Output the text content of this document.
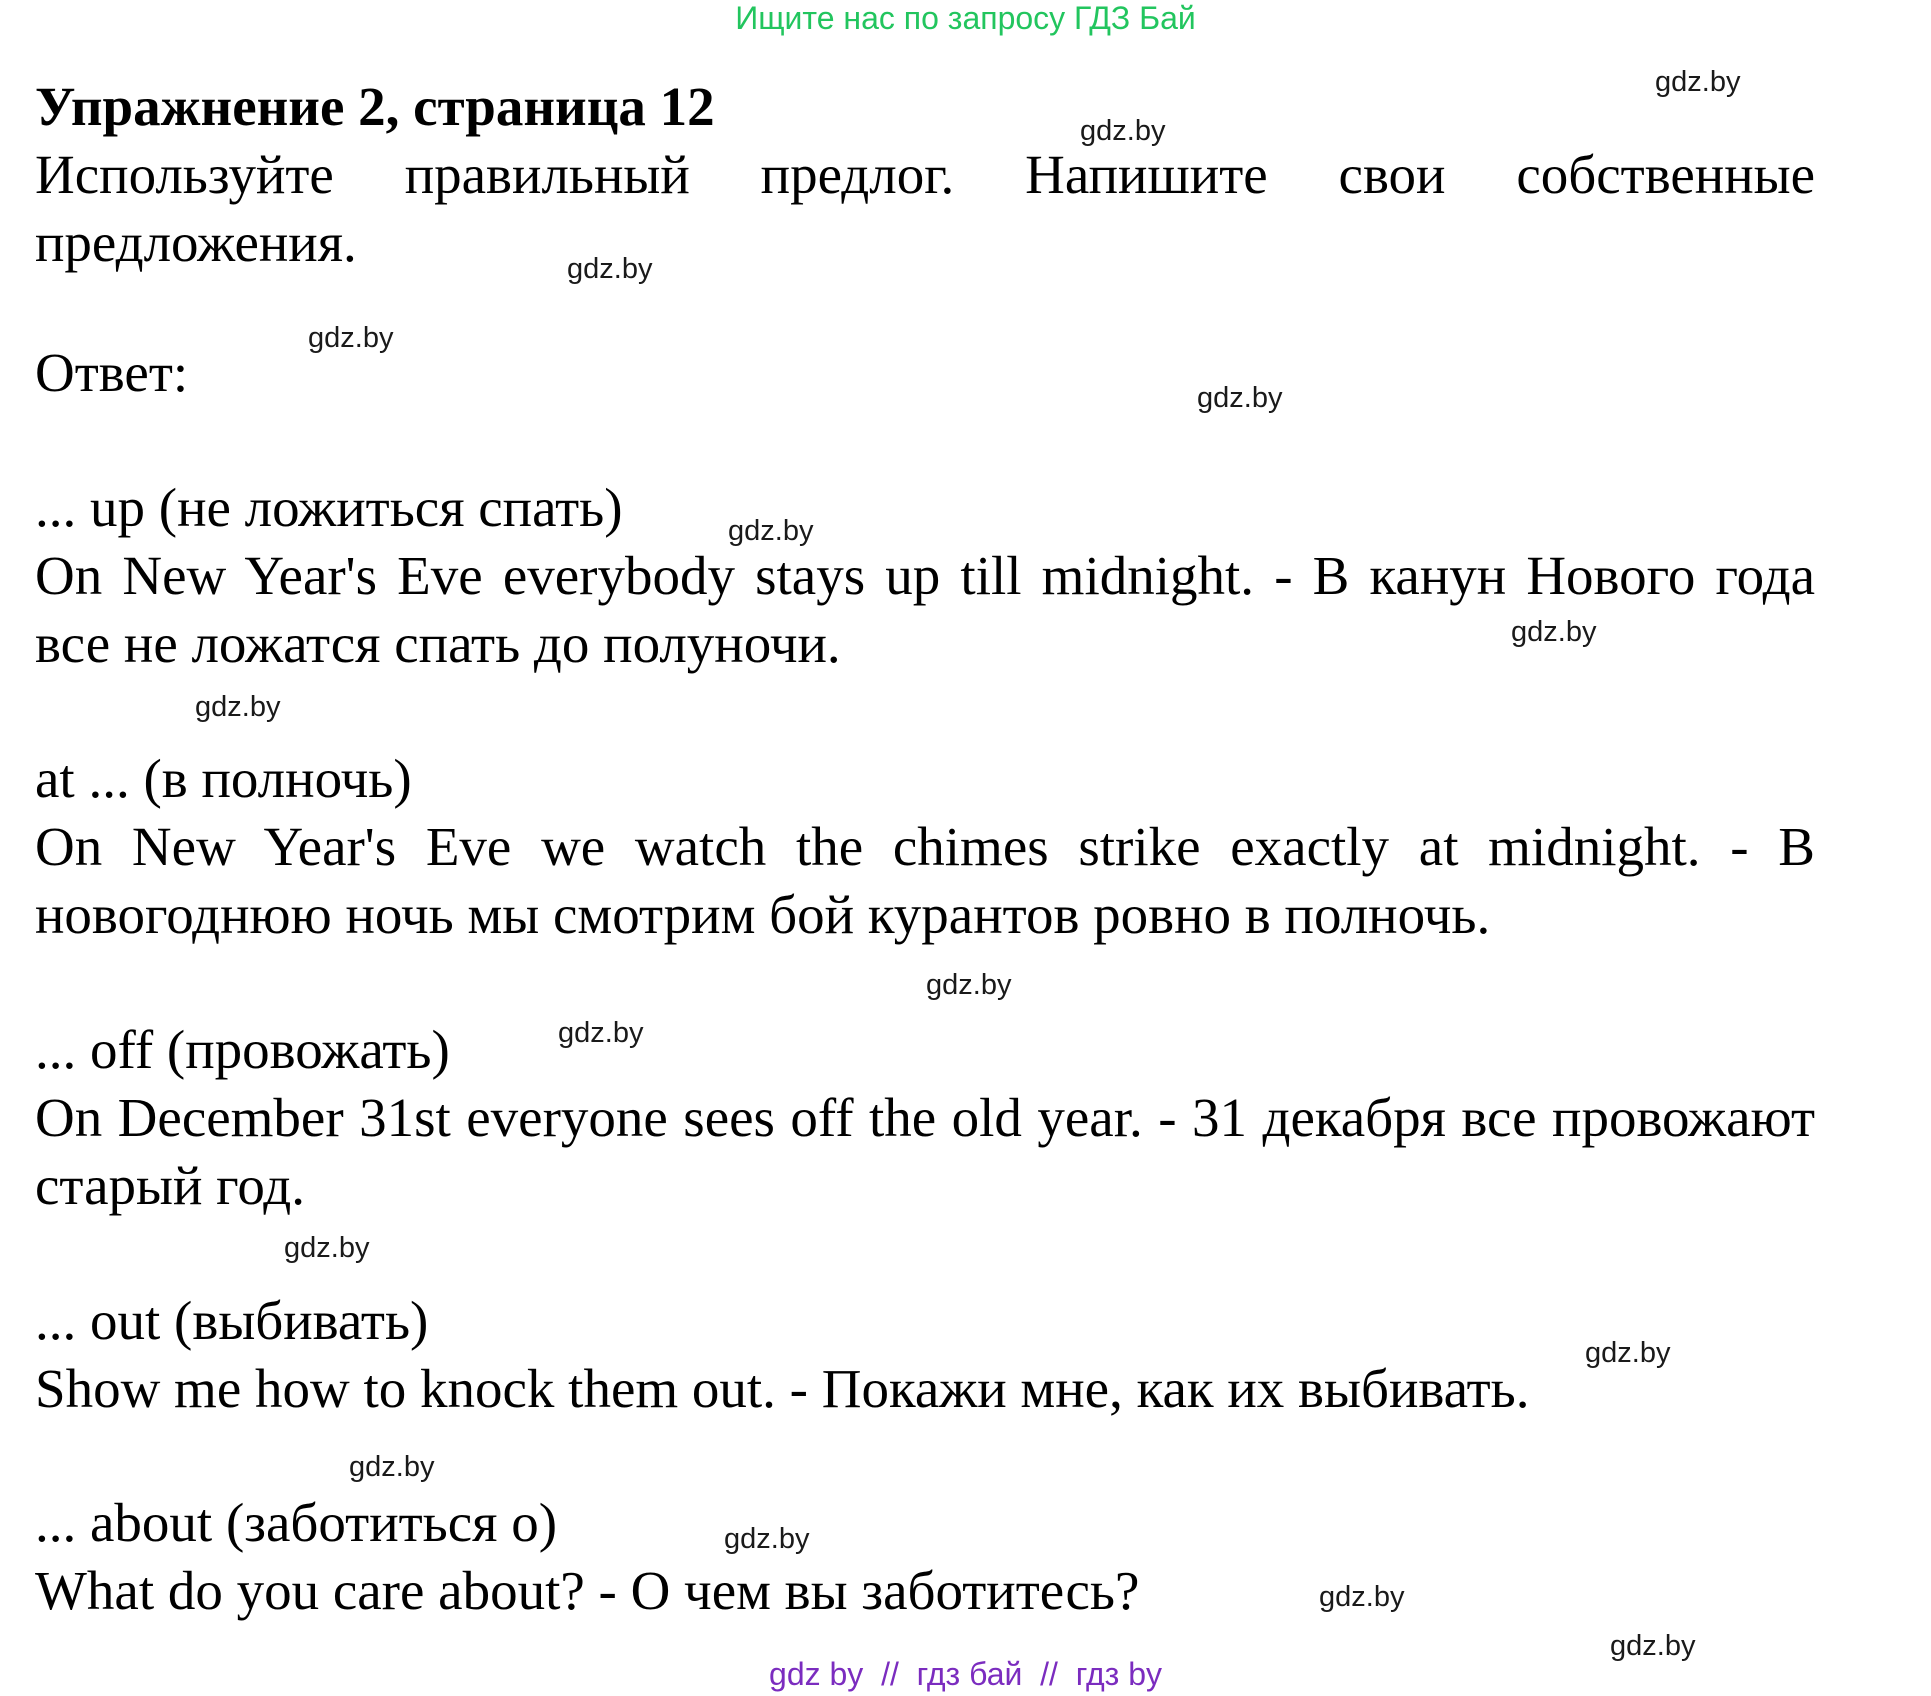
Ищите нас по запросу ГДЗ Бай

Упражнение 2, страница 12

Используйте правильный предлог. Напишите свои собственные предложения.

Ответ:

... up (не ложиться спать)

On New Year's Eve everybody stays up till midnight. - В канун Нового года все не ложатся спать до полуночи.

at ... (в полночь)

On New Year's Eve we watch the chimes strike exactly at midnight. - В новогоднюю ночь мы смотрим бой курантов ровно в полночь.

... off (провожать)

On December 31st everyone sees off the old year. - 31 декабря все провожают старый год.

... out (выбивать)

Show me how to knock them out. - Покажи мне, как их выбивать.

... about (заботиться о)

What do you care about? - О чем вы заботитесь?

gdz.by
gdz.by
gdz.by
gdz.by
gdz.by
gdz.by
gdz.by
gdz.by
gdz.by
gdz.by
gdz.by
gdz.by
gdz.by
gdz.by
gdz.by
gdz.by
gdz by  //  гдз бай  //  гдз by
